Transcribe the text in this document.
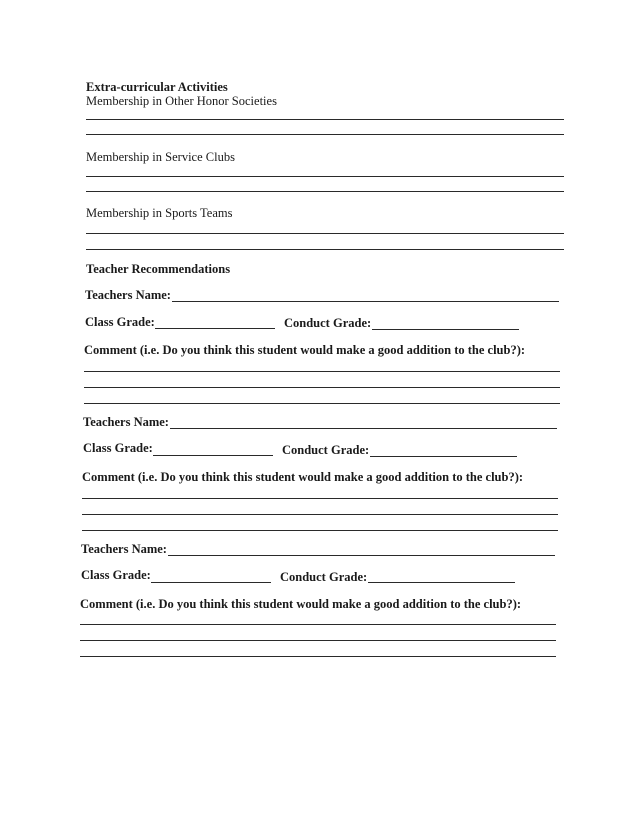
Extra-curricular Activities
Membership in Other Honor Societies
Membership in Service Clubs
Membership in Sports Teams
Teacher Recommendations
Teachers Name:
Class Grade:	Conduct Grade:
Comment (i.e. Do you think this student would make a good addition to the club?):
Teachers Name:
Class Grade:	Conduct Grade:
Comment (i.e. Do you think this student would make a good addition to the club?):
Teachers Name:
Class Grade:	Conduct Grade:
Comment (i.e. Do you think this student would make a good addition to the club?):
